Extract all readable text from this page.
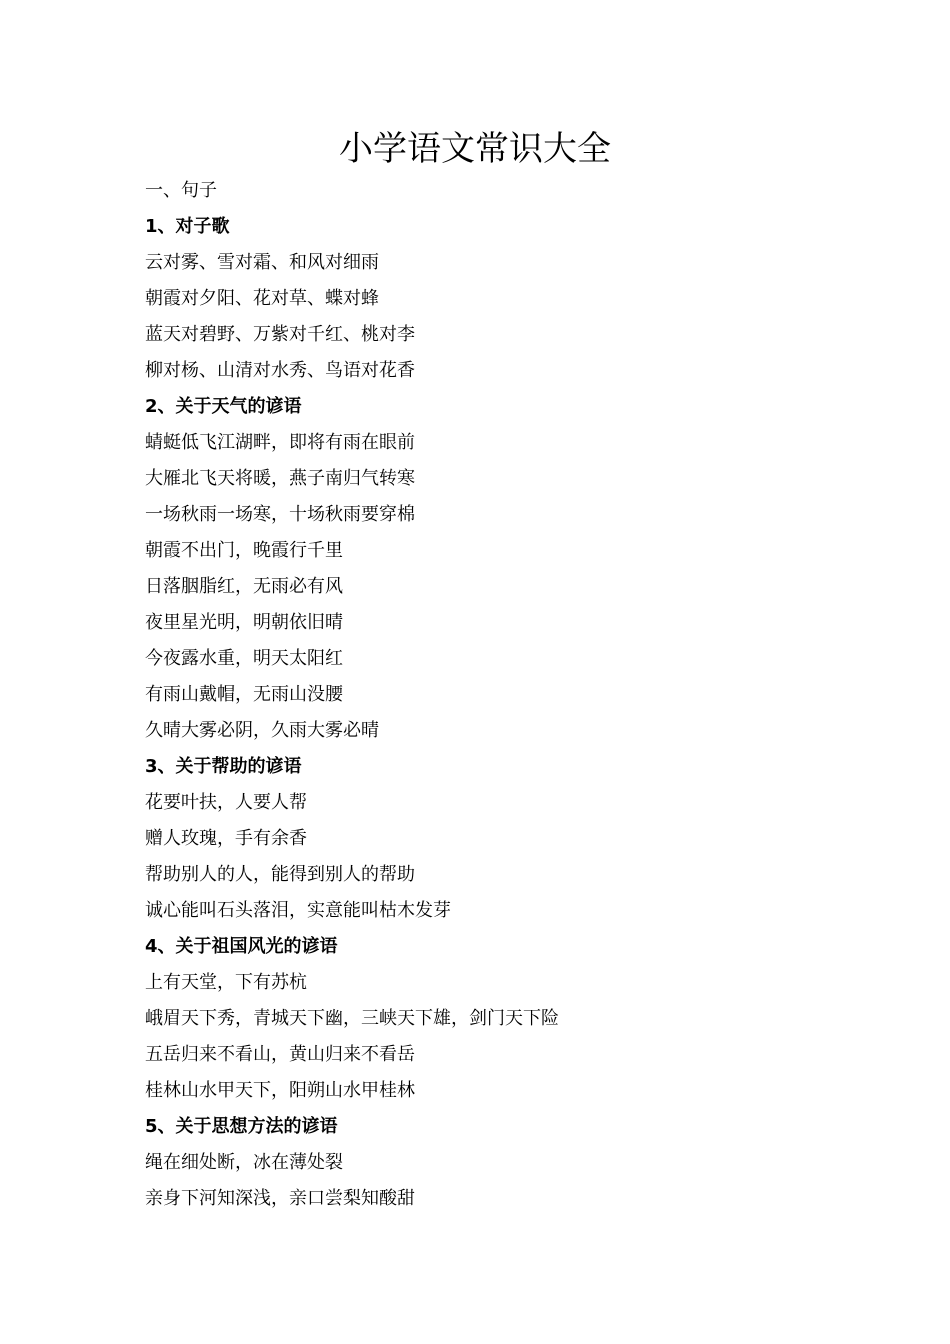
小学语文常识大全
一、句子
1、对子歌
云对雾、雪对霜、和风对细雨
朝霞对夕阳、花对草、蝶对蜂
蓝天对碧野、万紫对千红、桃对李
柳对杨、山清对水秀、鸟语对花香
2、关于天气的谚语
蜻蜓低飞江湖畔，即将有雨在眼前
大雁北飞天将暖，燕子南归气转寒
一场秋雨一场寒，十场秋雨要穿棉
朝霞不出门，晚霞行千里
日落胭脂红，无雨必有风
夜里星光明，明朝依旧晴
今夜露水重，明天太阳红
有雨山戴帽，无雨山没腰
久晴大雾必阴，久雨大雾必晴
3、关于帮助的谚语
花要叶扶，人要人帮
赠人玫瑰，手有余香
帮助别人的人，能得到别人的帮助
诚心能叫石头落泪，实意能叫枯木发芽
4、关于祖国风光的谚语
上有天堂，下有苏杭
峨眉天下秀，青城天下幽，三峡天下雄，剑门天下险
五岳归来不看山，黄山归来不看岳
桂林山水甲天下，阳朔山水甲桂林
5、关于思想方法的谚语
绳在细处断，冰在薄处裂
亲身下河知深浅，亲口尝梨知酸甜
